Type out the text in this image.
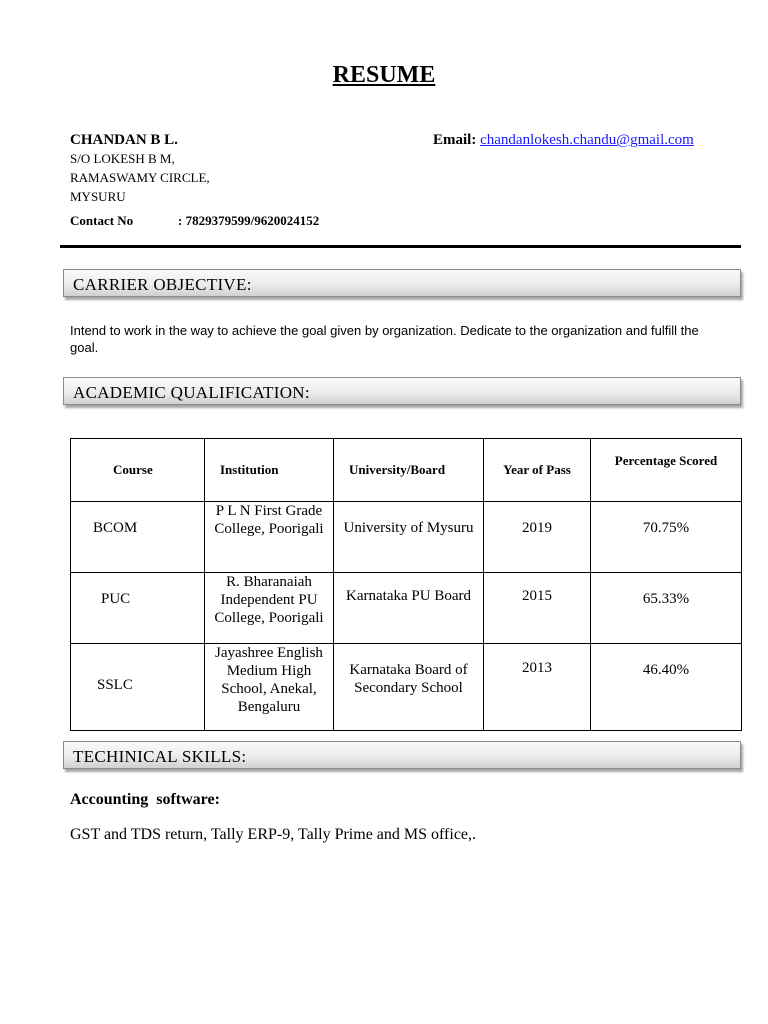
RESUME
CHANDAN B L.	Email: chandanlokesh.chandu@gmail.com
S/O LOKESH B M,
RAMASWAMY CIRCLE,
MYSURU
Contact No	: 7829379599/9620024152
CARRIER OBJECTIVE:
Intend to work in the way to achieve the goal given by organization. Dedicate to the organization and fulfill the goal.
ACADEMIC QUALIFICATION:
Course	Institution	University/Board	Year of Pass	Percentage Scored
BCOM	P L N First Grade College, Poorigali	University of Mysuru	2019	70.75%
PUC	R. Bharanaiah Independent PU College, Poorigali	Karnataka PU Board	2015	65.33%
SSLC	Jayashree English Medium High School, Anekal, Bengaluru	Karnataka Board of Secondary School	2013	46.40%
TECHINICAL SKILLS:
Accounting  software:
GST and TDS return, Tally ERP-9, Tally Prime and MS office,.
